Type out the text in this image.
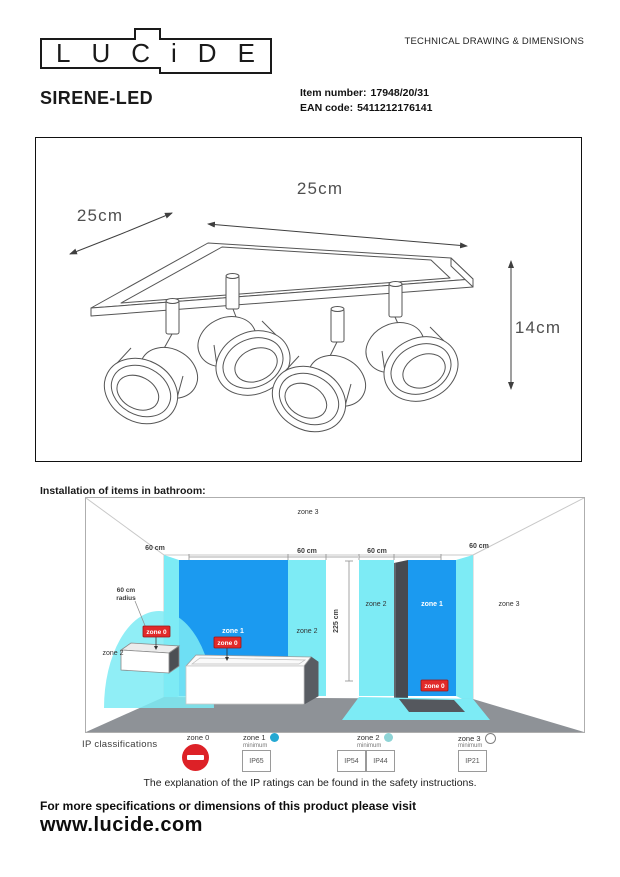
LUCiDE	TECHNICAL DRAWING & DIMENSIONS
SIRENE-LED	Item number: 17948/20/31
EAN code: 5411212176141
25cm
25cm
14cm
Installation of items in bathroom:
zone 3
zone 1	zone 2
zone 2	zone 1	zone 3
zone 2
60 cm	60 cm	60 cm
60 cm
225 cm
60 cm
radius
zone 0
zone 0
zone 0
IP classifications
zone 0	zone 1
minimum
IP65
zone 2
minimum
IP54	IP44
zone 3
minimum
IP21
The explanation of the IP ratings can be found in the safety instructions.
For more specifications or dimensions of this product please visit
www.lucide.com
